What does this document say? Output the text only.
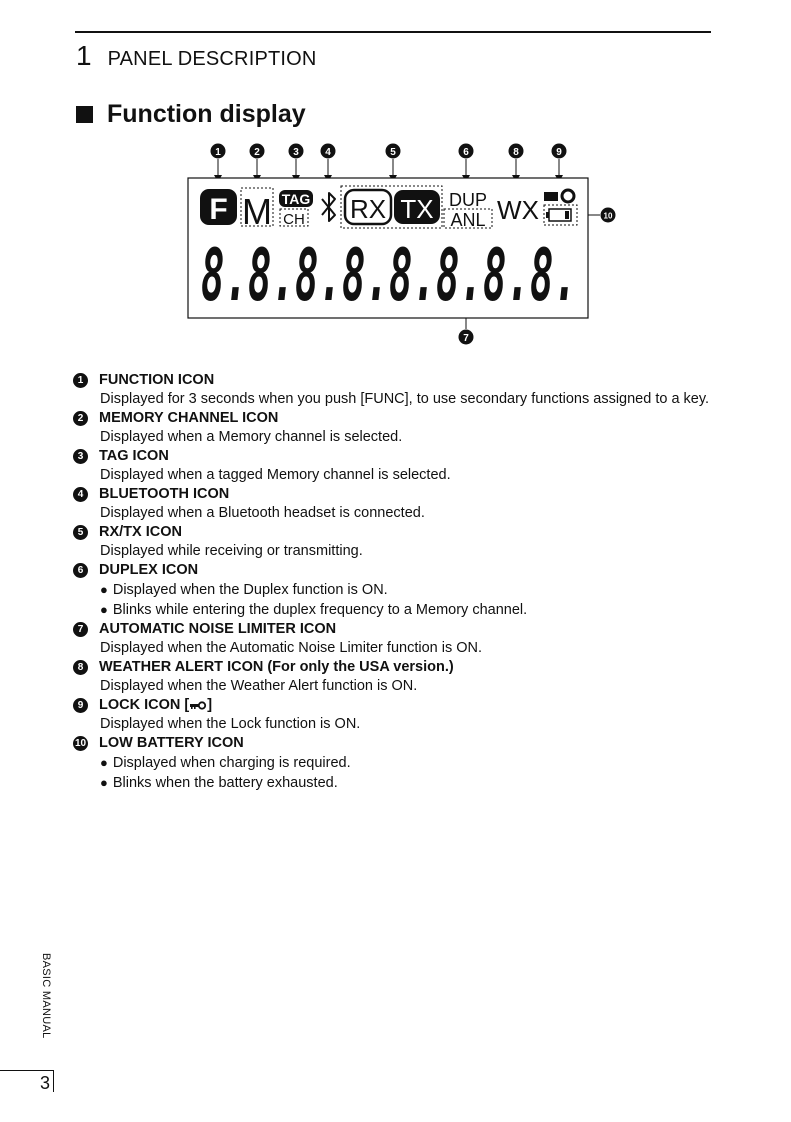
1 PANEL DESCRIPTION
Function display
1	2	3	4	5	6	8	9
10
7
F M TAG
CH RX TX DUP
ANL WX
8.8.8.8.8.8.8.8.
1	FUNCTION ICON
Displayed for 3 seconds when you push [FUNC], to use secondary functions assigned to a key.
2	MEMORY CHANNEL ICON
Displayed when a Memory channel is selected.
3	TAG ICON
Displayed when a tagged Memory channel is selected.
4	BLUETOOTH ICON
Displayed when a Bluetooth headset is connected.
5	RX/TX ICON
Displayed while receiving or transmitting.
6	DUPLEX ICON
● Displayed when the Duplex function is ON.
● Blinks while entering the duplex frequency to a Memory channel.
7	AUTOMATIC NOISE LIMITER ICON
Displayed when the Automatic Noise Limiter function is ON.
8	WEATHER ALERT ICON (For only the USA version.)
Displayed when the Weather Alert function is ON.
9	LOCK ICON [ ]
Displayed when the Lock function is ON.
10 LOW BATTERY ICON
● Displayed when charging is required.
● Blinks when the battery exhausted.
BASIC MANUAL
3
